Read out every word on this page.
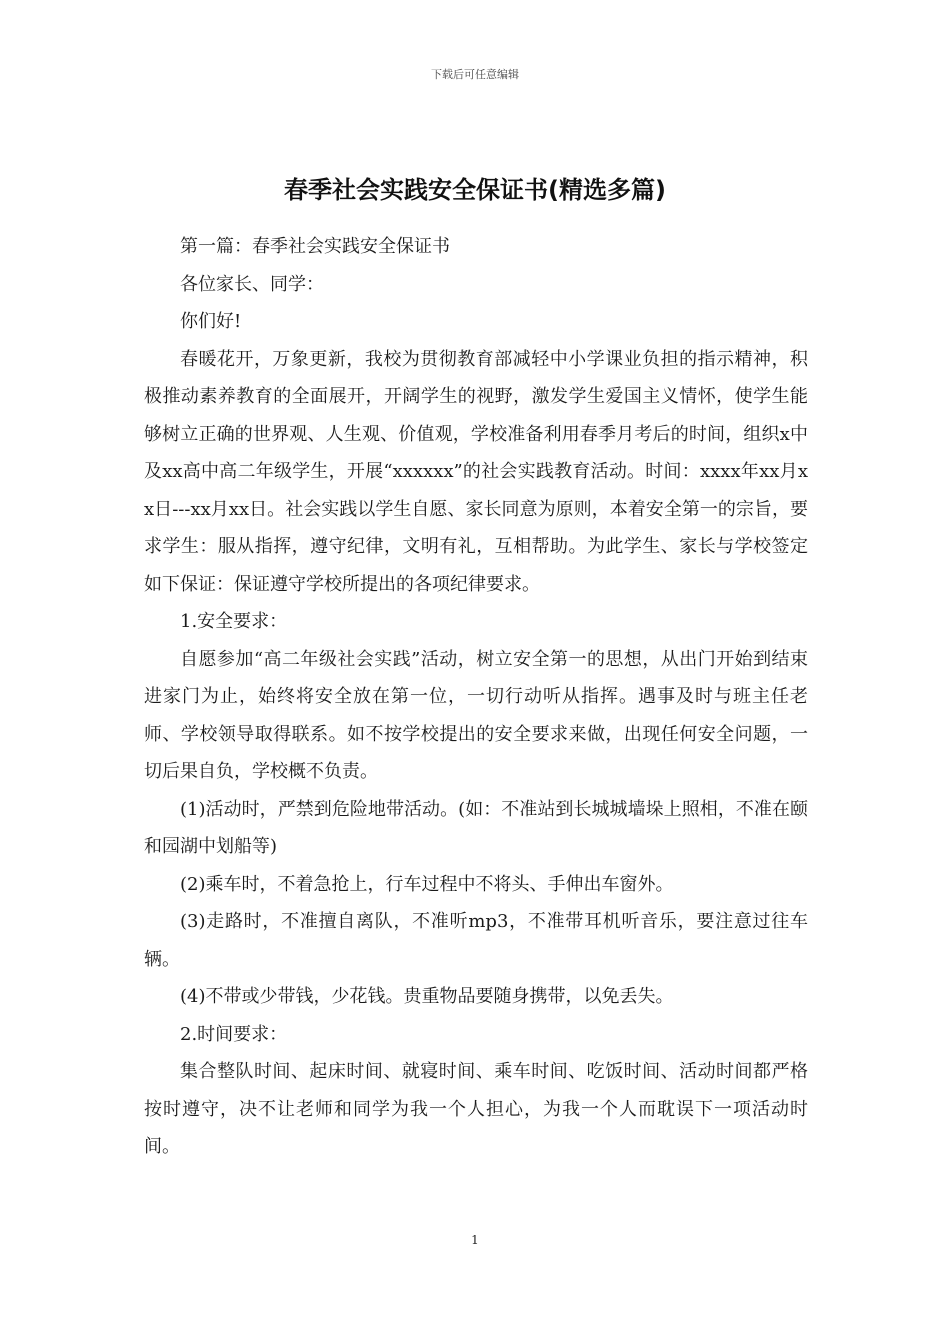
下载后可任意编辑
春季社会实践安全保证书(精选多篇)

第一篇：春季社会实践安全保证书

各位家长、同学：

你们好!

春暖花开，万象更新，我校为贯彻教育部减轻中小学课业负担的指示精神，积极推动素养教育的全面展开，开阔学生的视野，激发学生爱国主义情怀，使学生能够树立正确的世界观、人生观、价值观，学校准备利用春季月考后的时间，组织x中及xx高中高二年级学生，开展“xxxxxx”的社会实践教育活动。时间：xxxx年xx月xx日---xx月xx日。社会实践以学生自愿、家长同意为原则，本着安全第一的宗旨，要求学生：服从指挥，遵守纪律，文明有礼，互相帮助。为此学生、家长与学校签定如下保证：保证遵守学校所提出的各项纪律要求。

1.安全要求：

自愿参加“高二年级社会实践”活动，树立安全第一的思想，从出门开始到结束进家门为止，始终将安全放在第一位，一切行动听从指挥。遇事及时与班主任老师、学校领导取得联系。如不按学校提出的安全要求来做，出现任何安全问题，一切后果自负，学校概不负责。

(1)活动时，严禁到危险地带活动。(如：不准站到长城城墙垛上照相，不准在颐和园湖中划船等)

(2)乘车时，不着急抢上，行车过程中不将头、手伸出车窗外。

(3)走路时，不准擅自离队，不准听mp3，不准带耳机听音乐，要注意过往车辆。

(4)不带或少带钱，少花钱。贵重物品要随身携带，以免丢失。

2.时间要求：

集合整队时间、起床时间、就寝时间、乘车时间、吃饭时间、活动时间都严格按时遵守，决不让老师和同学为我一个人担心，为我一个人而耽误下一项活动时间。

1
